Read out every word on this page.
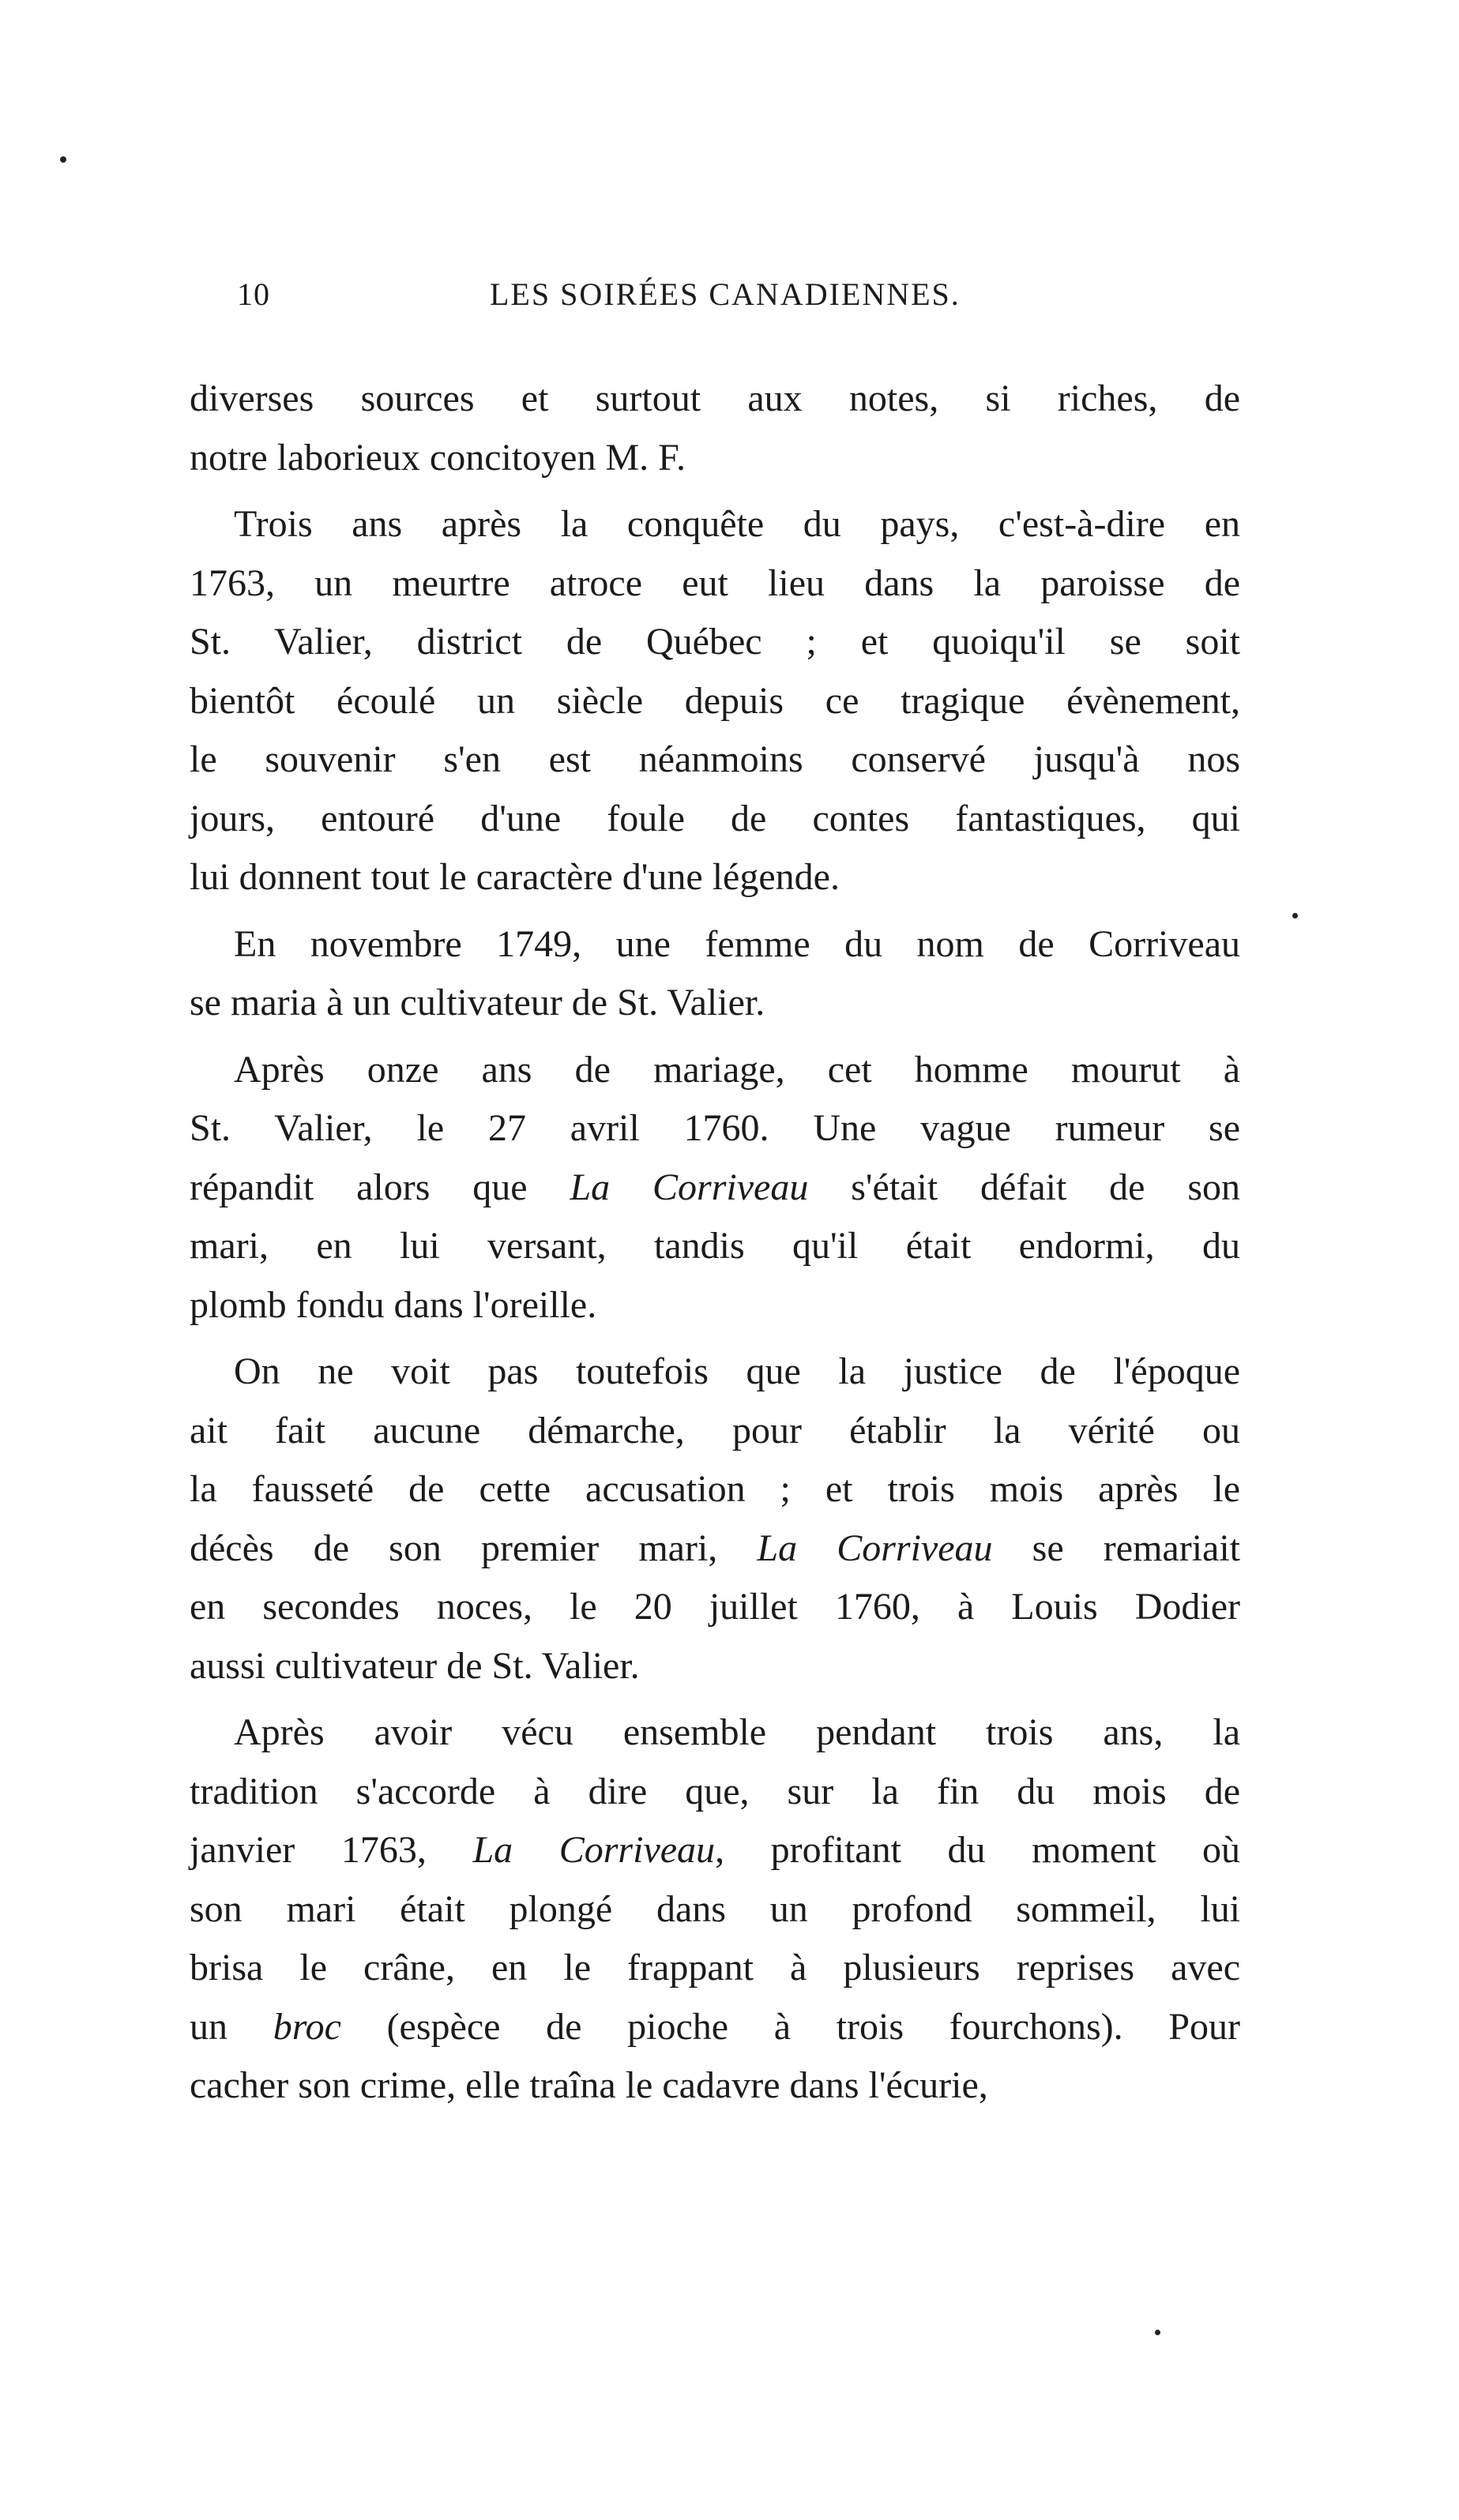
10	LES SOIRÉES CANADIENNES.

diverses sources et surtout aux notes, si riches, de
notre laborieux concitoyen M. F.

Trois ans après la conquête du pays, c'est-à-dire en
1763, un meurtre atroce eut lieu dans la paroisse de
St. Valier, district de Québec ; et quoiqu'il se soit
bientôt écoulé un siècle depuis ce tragique évènement,
le souvenir s'en est néanmoins conservé jusqu'à nos
jours, entouré d'une foule de contes fantastiques, qui
lui donnent tout le caractère d'une légende.

En novembre 1749, une femme du nom de Corriveau
se maria à un cultivateur de St. Valier.

Après onze ans de mariage, cet homme mourut à
St. Valier, le 27 avril 1760. Une vague rumeur se
répandit alors que La Corriveau s'était défait de son
mari, en lui versant, tandis qu'il était endormi, du
plomb fondu dans l'oreille.

On ne voit pas toutefois que la justice de l'époque
ait fait aucune démarche, pour établir la vérité ou
la fausseté de cette accusation ; et trois mois après le
décès de son premier mari, La Corriveau se remariait
en secondes noces, le 20 juillet 1760, à Louis Dodier
aussi cultivateur de St. Valier.

Après avoir vécu ensemble pendant trois ans, la
tradition s'accorde à dire que, sur la fin du mois de
janvier 1763, La Corriveau, profitant du moment où
son mari était plongé dans un profond sommeil, lui
brisa le crâne, en le frappant à plusieurs reprises avec
un broc (espèce de pioche à trois fourchons). Pour
cacher son crime, elle traîna le cadavre dans l'écurie,
